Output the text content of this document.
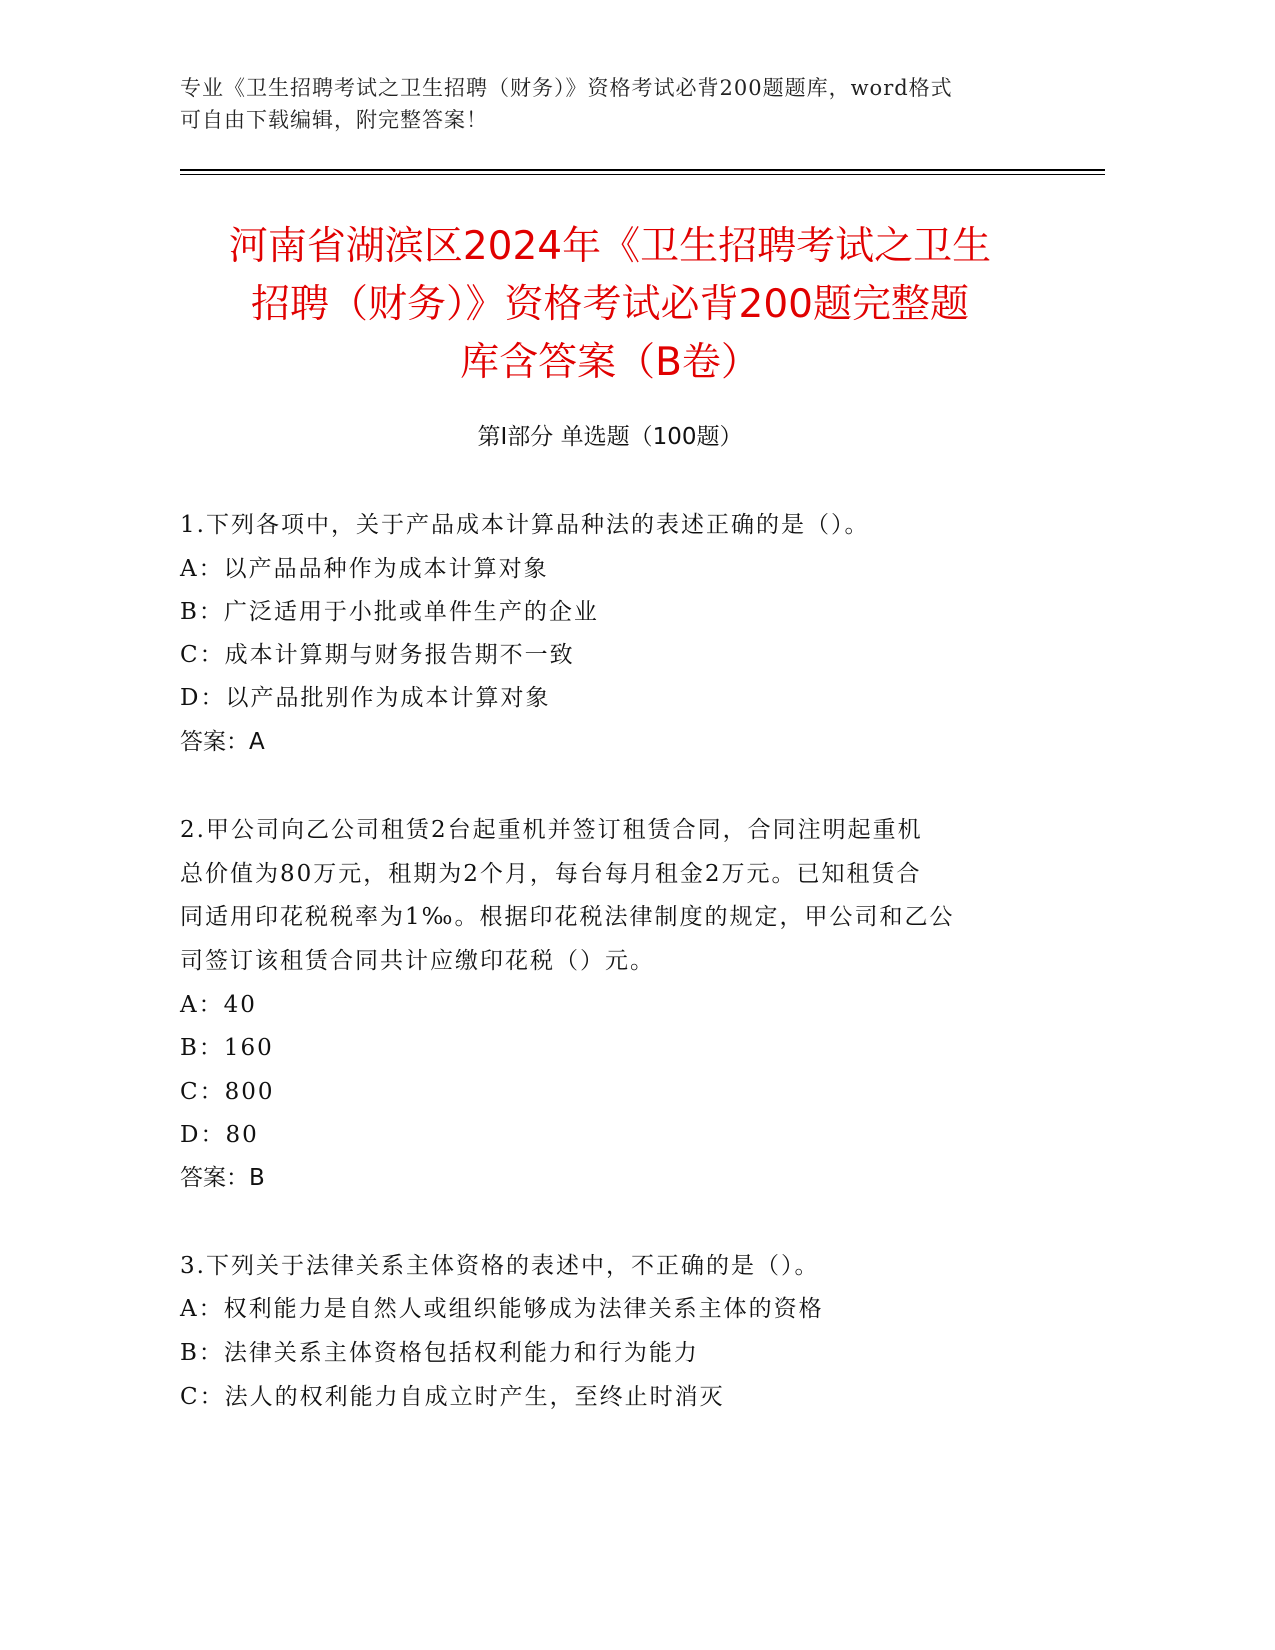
专业《卫生招聘考试之卫生招聘（财务）》资格考试必背200题题库，word格式
可自由下载编辑，附完整答案！
河南省湖滨区2024年《卫生招聘考试之卫生
招聘（财务）》资格考试必背200题完整题
库含答案（B卷）
第Ⅰ部分 单选题（100题）
1.下列各项中，关于产品成本计算品种法的表述正确的是（）。
A：以产品品种作为成本计算对象
B：广泛适用于小批或单件生产的企业
C：成本计算期与财务报告期不一致
D：以产品批别作为成本计算对象
答案：A
2.甲公司向乙公司租赁2台起重机并签订租赁合同，合同注明起重机
总价值为80万元，租期为2个月，每台每月租金2万元。已知租赁合
同适用印花税税率为1‰。根据印花税法律制度的规定，甲公司和乙公
司签订该租赁合同共计应缴印花税（）元。
A：40
B：160
C：800
D：80
答案：B
3.下列关于法律关系主体资格的表述中，不正确的是（）。
A：权利能力是自然人或组织能够成为法律关系主体的资格
B：法律关系主体资格包括权利能力和行为能力
C：法人的权利能力自成立时产生，至终止时消灭
